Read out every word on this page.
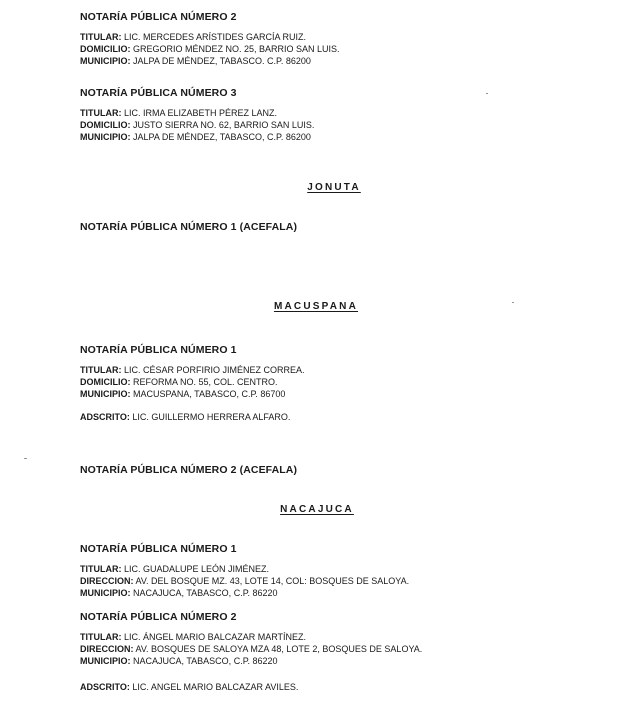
NOTARÍA PÚBLICA NÚMERO 2
TITULAR: LIC. MERCEDES ARÍSTIDES GARCÍA RUIZ.
DOMICILIO: GREGORIO MÉNDEZ NO. 25, BARRIO SAN LUIS.
MUNICIPIO: JALPA DE MÉNDEZ, TABASCO. C.P. 86200
NOTARÍA PÚBLICA NÚMERO 3
TITULAR: LIC. IRMA ELIZABETH PÉREZ LANZ.
DOMICILIO: JUSTO SIERRA NO. 62, BARRIO SAN LUIS.
MUNICIPIO: JALPA DE MÉNDEZ, TABASCO, C.P. 86200
JONUTA
NOTARÍA PÚBLICA NÚMERO 1 (ACEFALA)
MACUSPANA
NOTARÍA PÚBLICA NÚMERO 1
TITULAR: LIC. CÉSAR PORFIRIO JIMÉNEZ CORREA.
DOMICILIO: REFORMA NO. 55, COL. CENTRO.
MUNICIPIO: MACUSPANA, TABASCO, C.P. 86700
ADSCRITO: LIC. GUILLERMO HERRERA ALFARO.
NOTARÍA PÚBLICA NÚMERO 2 (ACEFALA)
NACAJUCA
NOTARÍA PÚBLICA NÚMERO 1
TITULAR: LIC. GUADALUPE LEÓN JIMÉNEZ.
DIRECCION: AV. DEL BOSQUE MZ. 43, LOTE 14, COL: BOSQUES DE SALOYA.
MUNICIPIO: NACAJUCA, TABASCO, C.P. 86220
NOTARÍA PÚBLICA NÚMERO 2
TITULAR: LIC. ÁNGEL MARIO BALCAZAR MARTÍNEZ.
DIRECCION: AV. BOSQUES DE SALOYA MZA 48, LOTE 2, BOSQUES DE SALOYA.
MUNICIPIO: NACAJUCA, TABASCO, C.P. 86220
ADSCRITO: LIC. ANGEL MARIO BALCAZAR AVILES.
